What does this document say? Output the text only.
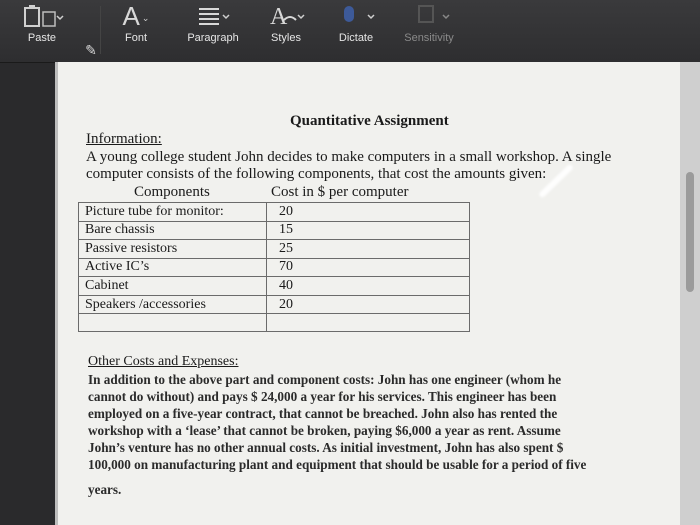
Paste
✎
A ⌄
Font	Paragraph
A
Styles	Dictate	Sensitivity
Quantitative Assignment
Information:
A young college student John decides to make computers in a small workshop. A single
computer consists of the following components, that cost the amounts given:
Components	Cost in $ per computer
Picture tube for monitor:	20
Bare chassis	15
Passive resistors	25
Active IC’s	70
Cabinet	40
Speakers /accessories	20

Other Costs and Expenses:
In addition to the above part and component costs: John has one engineer (whom he
cannot do without) and pays $ 24,000 a year for his services. This engineer has been
employed on a five-year contract, that cannot be breached. John also has rented the
workshop with a ‘lease’ that cannot be broken, paying $6,000 a year as rent. Assume
John’s venture has no other annual costs. As initial investment, John has also spent $
100,000 on manufacturing plant and equipment that should be usable for a period of five
years.
